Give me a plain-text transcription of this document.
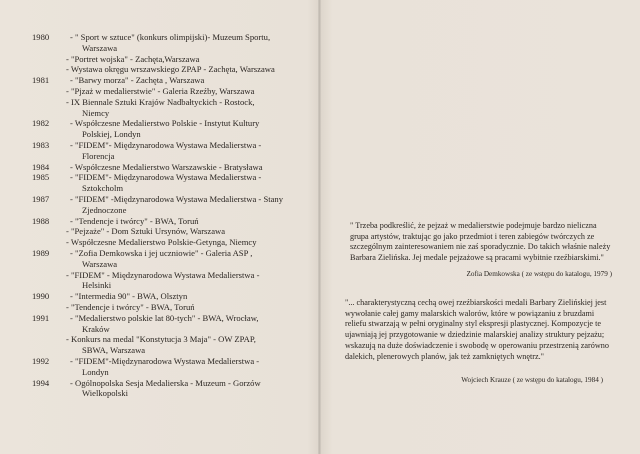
1980	- " Sport w sztuce" (konkurs olimpijski)- Muzeum Sportu,
Warszawa
- "Portret wojska" - Zachęta,Warszawa
- Wystawa okręgu wrszawskiego ZPAP - Zachęta, Warszawa
1981	- "Barwy morza" - Zachęta , Warszawa
- "Pjzaż w medalierstwie" - Galeria Rzeźby, Warszawa
- IX Biennale Sztuki Krajów Nadbałtyckich - Rostock,
Niemcy
1982	- Współczesne Medalierstwo Polskie - Instytut Kultury
Polskiej, Londyn
1983	- "FIDEM"- Międzynarodowa Wystawa Medalierstwa -
Florencja
1984	- Współczesne Medalierstwo Warszawskie - Bratysława
1985	- "FIDEM"- Międzynarodowa Wystawa Medalierstwa -
Sztokcholm
1987	- "FIDEM" -Międzynarodowa Wystawa Medalierstwa - Stany
Zjednoczone
1988	- "Tendencje i twórcy" - BWA, Toruń
- "Pejzaże" - Dom Sztuki Ursynów, Warszawa
- Współczesne Medalierstwo Polskie-Getynga, Niemcy
1989	- "Zofia Demkowska i jej uczniowie" - Galeria ASP ,
Warszawa
- "FIDEM" - Międzynarodowa Wystawa Medalierstwa -
Helsinki
1990	- "Intermedia 90" - BWA, Olsztyn
- "Tendencje i twórcy" - BWA, Toruń
1991	- "Medalierstwo polskie lat 80-tych" - BWA, Wrocław,
Kraków
- Konkurs na medal "Konstytucja 3 Maja" - OW ZPAP,
SBWA, Warszawa
1992	- "FIDEM"-Międzynarodowa Wystawa Medalierstwa -
Londyn
1994	- Ogólnopolska Sesja Medalierska - Muzeum - Gorzów
Wielkopolski

" Trzeba podkreślić, że pejzaż w medalierstwie podejmuje bardzo nieliczna grupa artystów, traktując go jako przedmiot i teren zabiegów twórczych ze szczególnym zainteresowaniem nie zaś sporadycznie. Do takich właśnie należy Barbara Zielińska. Jej medale pejzażowe są pracami wybitnie rzeźbiarskimi."

Zofia Demkowska ( ze wstępu do katalogu, 1979 )

"... charakterystyczną cechą owej rzeźbiarskości medali Barbary Zielińskiej jest wywołanie całej gamy malarskich walorów, które w powiązaniu z bruzdami reliefu stwarzają w pełni oryginalny styl ekspresji plastycznej. Kompozycje te ujawniają jej przygotowanie w dziedzinie malarskiej analizy struktury pejzażu; wskazują na duże doświadczenie i swobodę w operowaniu przestrzenią zarówno dalekich, plenerowych planów, jak też zamkniętych wnętrz."

Wojciech Krauze ( ze wstępu do katalogu, 1984 )
